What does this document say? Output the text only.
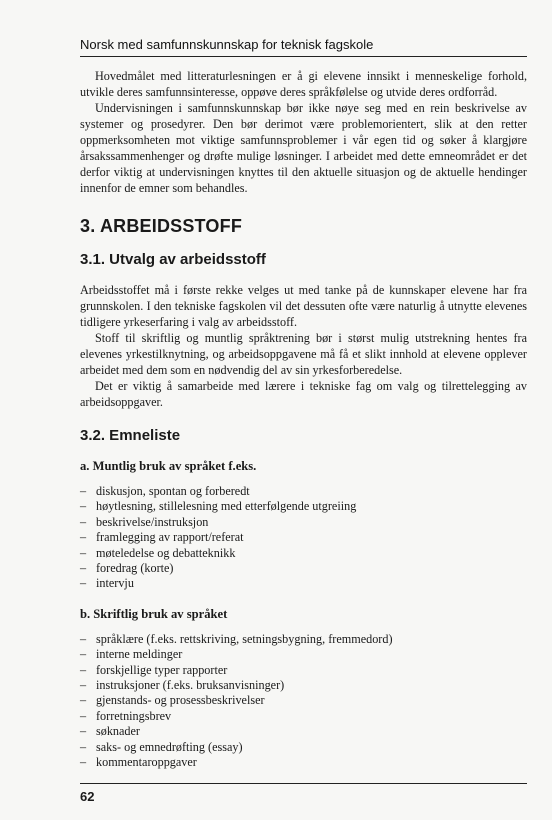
Norsk med samfunnskunnskap for teknisk fagskole

Hovedmålet med litteraturlesningen er å gi elevene innsikt i menneskelige forhold, utvikle deres samfunnsinteresse, oppøve deres språkfølelse og utvide deres ordforråd.

Undervisningen i samfunnskunnskap bør ikke nøye seg med en rein beskrivelse av systemer og prosedyrer. Den bør derimot være problemorientert, slik at den retter oppmerksomheten mot viktige samfunnsproblemer i vår egen tid og søker å klargjøre årsakssammenhenger og drøfte mulige løsninger. I arbeidet med dette emneområdet er det derfor viktig at undervisningen knyttes til den aktuelle situasjon og de aktuelle hendinger innenfor de emner som behandles.

3. ARBEIDSSTOFF
3.1. Utvalg av arbeidsstoff

Arbeidsstoffet må i første rekke velges ut med tanke på de kunnskaper elevene har fra grunnskolen. I den tekniske fagskolen vil det dessuten ofte være naturlig å utnytte elevenes tidligere yrkeserfaring i valg av arbeidsstoff.

Stoff til skriftlig og muntlig språktrening bør i størst mulig utstrekning hentes fra elevenes yrkestilknytning, og arbeidsoppgavene må få et slikt innhold at elevene opplever arbeidet med dem som en nødvendig del av sin yrkesforberedelse.

Det er viktig å samarbeide med lærere i tekniske fag om valg og tilrettelegging av arbeidsoppgaver.

3.2. Emneliste
a. Muntlig bruk av språket f.eks.
– diskusjon, spontan og forberedt
– høytlesning, stillelesning med etterfølgende utgreiing
– beskrivelse/instruksjon
– framlegging av rapport/referat
– møteledelse og debatteknikk
– foredrag (korte)
– intervju
b. Skriftlig bruk av språket
– språklære (f.eks. rettskriving, setningsbygning, fremmedord)
– interne meldinger
– forskjellige typer rapporter
– instruksjoner (f.eks. bruksanvisninger)
– gjenstands- og prosessbeskrivelser
– forretningsbrev
– søknader
– saks- og emnedrøfting (essay)
– kommentaroppgaver
62
